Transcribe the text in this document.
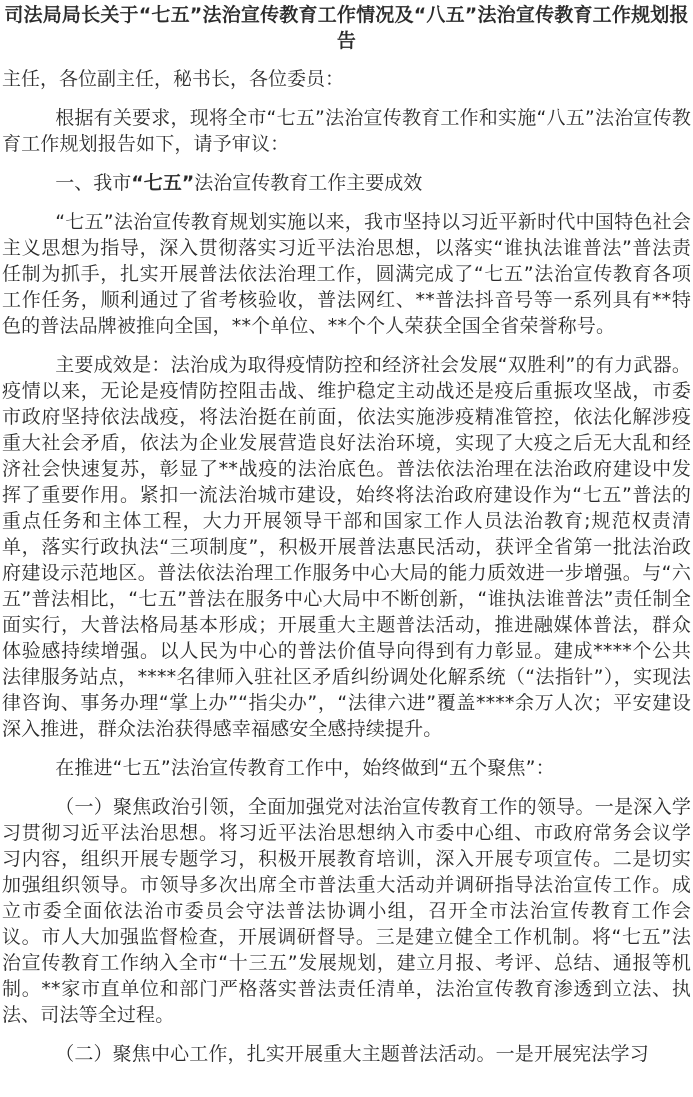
司法局局长关于“七五”法治宣传教育工作情况及“八五”法治宣传教育工作规划报告

主任，各位副主任，秘书长，各位委员：

根据有关要求，现将全市“七五”法治宣传教育工作和实施“八五”法治宣传教育工作规划报告如下，请予审议：

一、我市“七五”法治宣传教育工作主要成效

“七五”法治宣传教育规划实施以来，我市坚持以习近平新时代中国特色社会主义思想为指导，深入贯彻落实习近平法治思想，以落实“谁执法谁普法”普法责任制为抓手，扎实开展普法依法治理工作，圆满完成了“七五”法治宣传教育各项工作任务，顺利通过了省考核验收，普法网红、**普法抖音号等一系列具有**特色的普法品牌被推向全国，**个单位、**个个人荣获全国全省荣誉称号。

主要成效是：法治成为取得疫情防控和经济社会发展“双胜利”的有力武器。疫情以来，无论是疫情防控阻击战、维护稳定主动战还是疫后重振攻坚战，市委市政府坚持依法战疫，将法治挺在前面，依法实施涉疫精准管控，依法化解涉疫重大社会矛盾，依法为企业发展营造良好法治环境，实现了大疫之后无大乱和经济社会快速复苏，彰显了**战疫的法治底色。普法依法治理在法治政府建设中发挥了重要作用。紧扣一流法治城市建设，始终将法治政府建设作为“七五”普法的重点任务和主体工程，大力开展领导干部和国家工作人员法治教育;规范权责清单，落实行政执法“三项制度”，积极开展普法惠民活动，获评全省第一批法治政府建设示范地区。普法依法治理工作服务中心大局的能力质效进一步增强。与“六五”普法相比，“七五”普法在服务中心大局中不断创新，“谁执法谁普法”责任制全面实行，大普法格局基本形成；开展重大主题普法活动，推进融媒体普法，群众体验感持续增强。以人民为中心的普法价值导向得到有力彰显。建成****个公共法律服务站点，****名律师入驻社区矛盾纠纷调处化解系统（“法指针”），实现法律咨询、事务办理“掌上办”“指尖办”，“法律六进”覆盖****余万人次；平安建设深入推进，群众法治获得感幸福感安全感持续提升。

在推进“七五”法治宣传教育工作中，始终做到“五个聚焦”：

（一）聚焦政治引领，全面加强党对法治宣传教育工作的领导。一是深入学习贯彻习近平法治思想。将习近平法治思想纳入市委中心组、市政府常务会议学习内容，组织开展专题学习，积极开展教育培训，深入开展专项宣传。二是切实加强组织领导。市领导多次出席全市普法重大活动并调研指导法治宣传工作。成立市委全面依法治市委员会守法普法协调小组，召开全市法治宣传教育工作会议。市人大加强监督检查，开展调研督导。三是建立健全工作机制。将“七五”法治宣传教育工作纳入全市“十三五”发展规划，建立月报、考评、总结、通报等机制。**家市直单位和部门严格落实普法责任清单，法治宣传教育渗透到立法、执法、司法等全过程。

（二）聚焦中心工作，扎实开展重大主题普法活动。一是开展宪法学习
